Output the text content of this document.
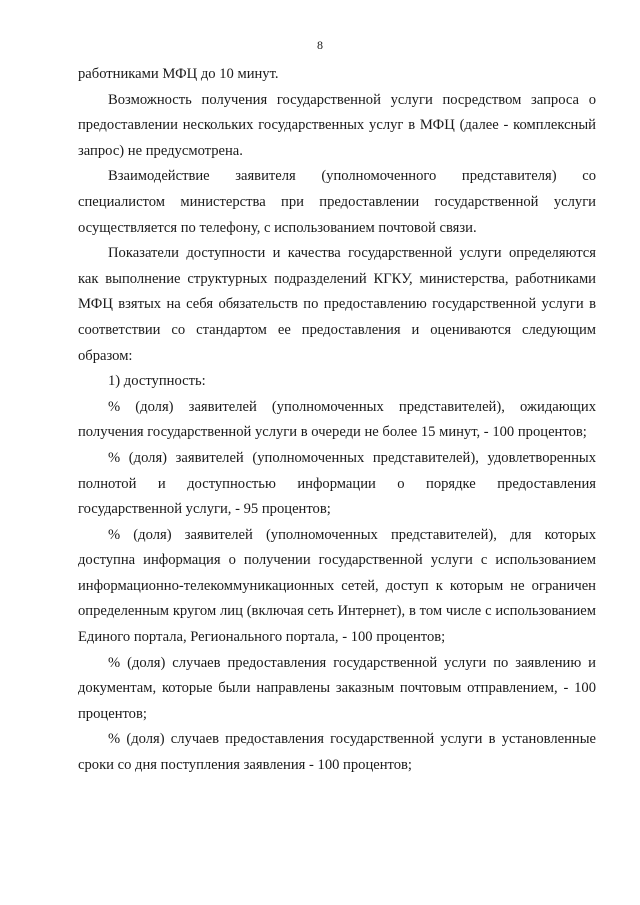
8

работниками МФЦ до 10 минут.

Возможность получения государственной услуги посредством запроса о предоставлении нескольких государственных услуг в МФЦ (далее - комплексный запрос) не предусмотрена.

Взаимодействие заявителя (уполномоченного представителя) со специалистом министерства при предоставлении государственной услуги осуществляется по телефону, с использованием почтовой связи.

Показатели доступности и качества государственной услуги определяются как выполнение структурных подразделений КГКУ, министерства, работниками МФЦ взятых на себя обязательств по предоставлению государственной услуги в соответствии со стандартом ее предоставления и оцениваются следующим образом:

1) доступность:

% (доля) заявителей (уполномоченных представителей), ожидающих получения государственной услуги в очереди не более 15 минут, - 100 процентов;

% (доля) заявителей (уполномоченных представителей), удовлетворенных полнотой и доступностью информации о порядке предоставления государственной услуги, - 95 процентов;

% (доля) заявителей (уполномоченных представителей), для которых доступна информация о получении государственной услуги с использованием информационно-телекоммуникационных сетей, доступ к которым не ограничен определенным кругом лиц (включая сеть Интернет), в том числе с использованием Единого портала, Регионального портала, - 100 процентов;

% (доля) случаев предоставления государственной услуги по заявлению и документам, которые были направлены заказным почтовым отправлением, - 100 процентов;

% (доля) случаев предоставления государственной услуги в установленные сроки со дня поступления заявления - 100 процентов;
